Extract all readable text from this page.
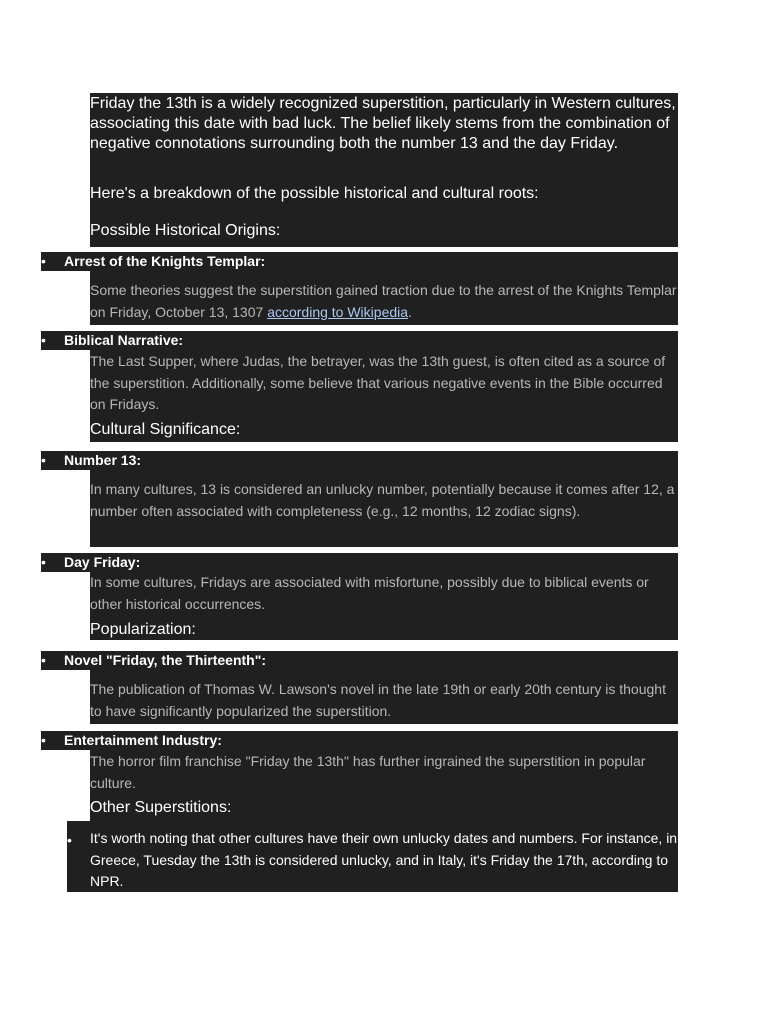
Friday the 13th is a widely recognized superstition, particularly in Western cultures, associating this date with bad luck. The belief likely stems from the combination of negative connotations surrounding both the number 13 and the day Friday.

Here's a breakdown of the possible historical and cultural roots:

Possible Historical Origins:
• Arrest of the Knights Templar:

Some theories suggest the superstition gained traction due to the arrest of the Knights Templar on Friday, October 13, 1307 according to Wikipedia.

• Biblical Narrative:

The Last Supper, where Judas, the betrayer, was the 13th guest, is often cited as a source of the superstition. Additionally, some believe that various negative events in the Bible occurred on Fridays.

Cultural Significance:
• Number 13:

In many cultures, 13 is considered an unlucky number, potentially because it comes after 12, a number often associated with completeness (e.g., 12 months, 12 zodiac signs).

• Day Friday:

In some cultures, Fridays are associated with misfortune, possibly due to biblical events or other historical occurrences.

Popularization:
• Novel "Friday, the Thirteenth":

The publication of Thomas W. Lawson's novel in the late 19th or early 20th century is thought to have significantly popularized the superstition.

• Entertainment Industry:

The horror film franchise "Friday the 13th" has further ingrained the superstition in popular culture.

Other Superstitions:
• It's worth noting that other cultures have their own unlucky dates and numbers. For instance, in Greece, Tuesday the 13th is considered unlucky, and in Italy, it's Friday the 17th, according to NPR.
